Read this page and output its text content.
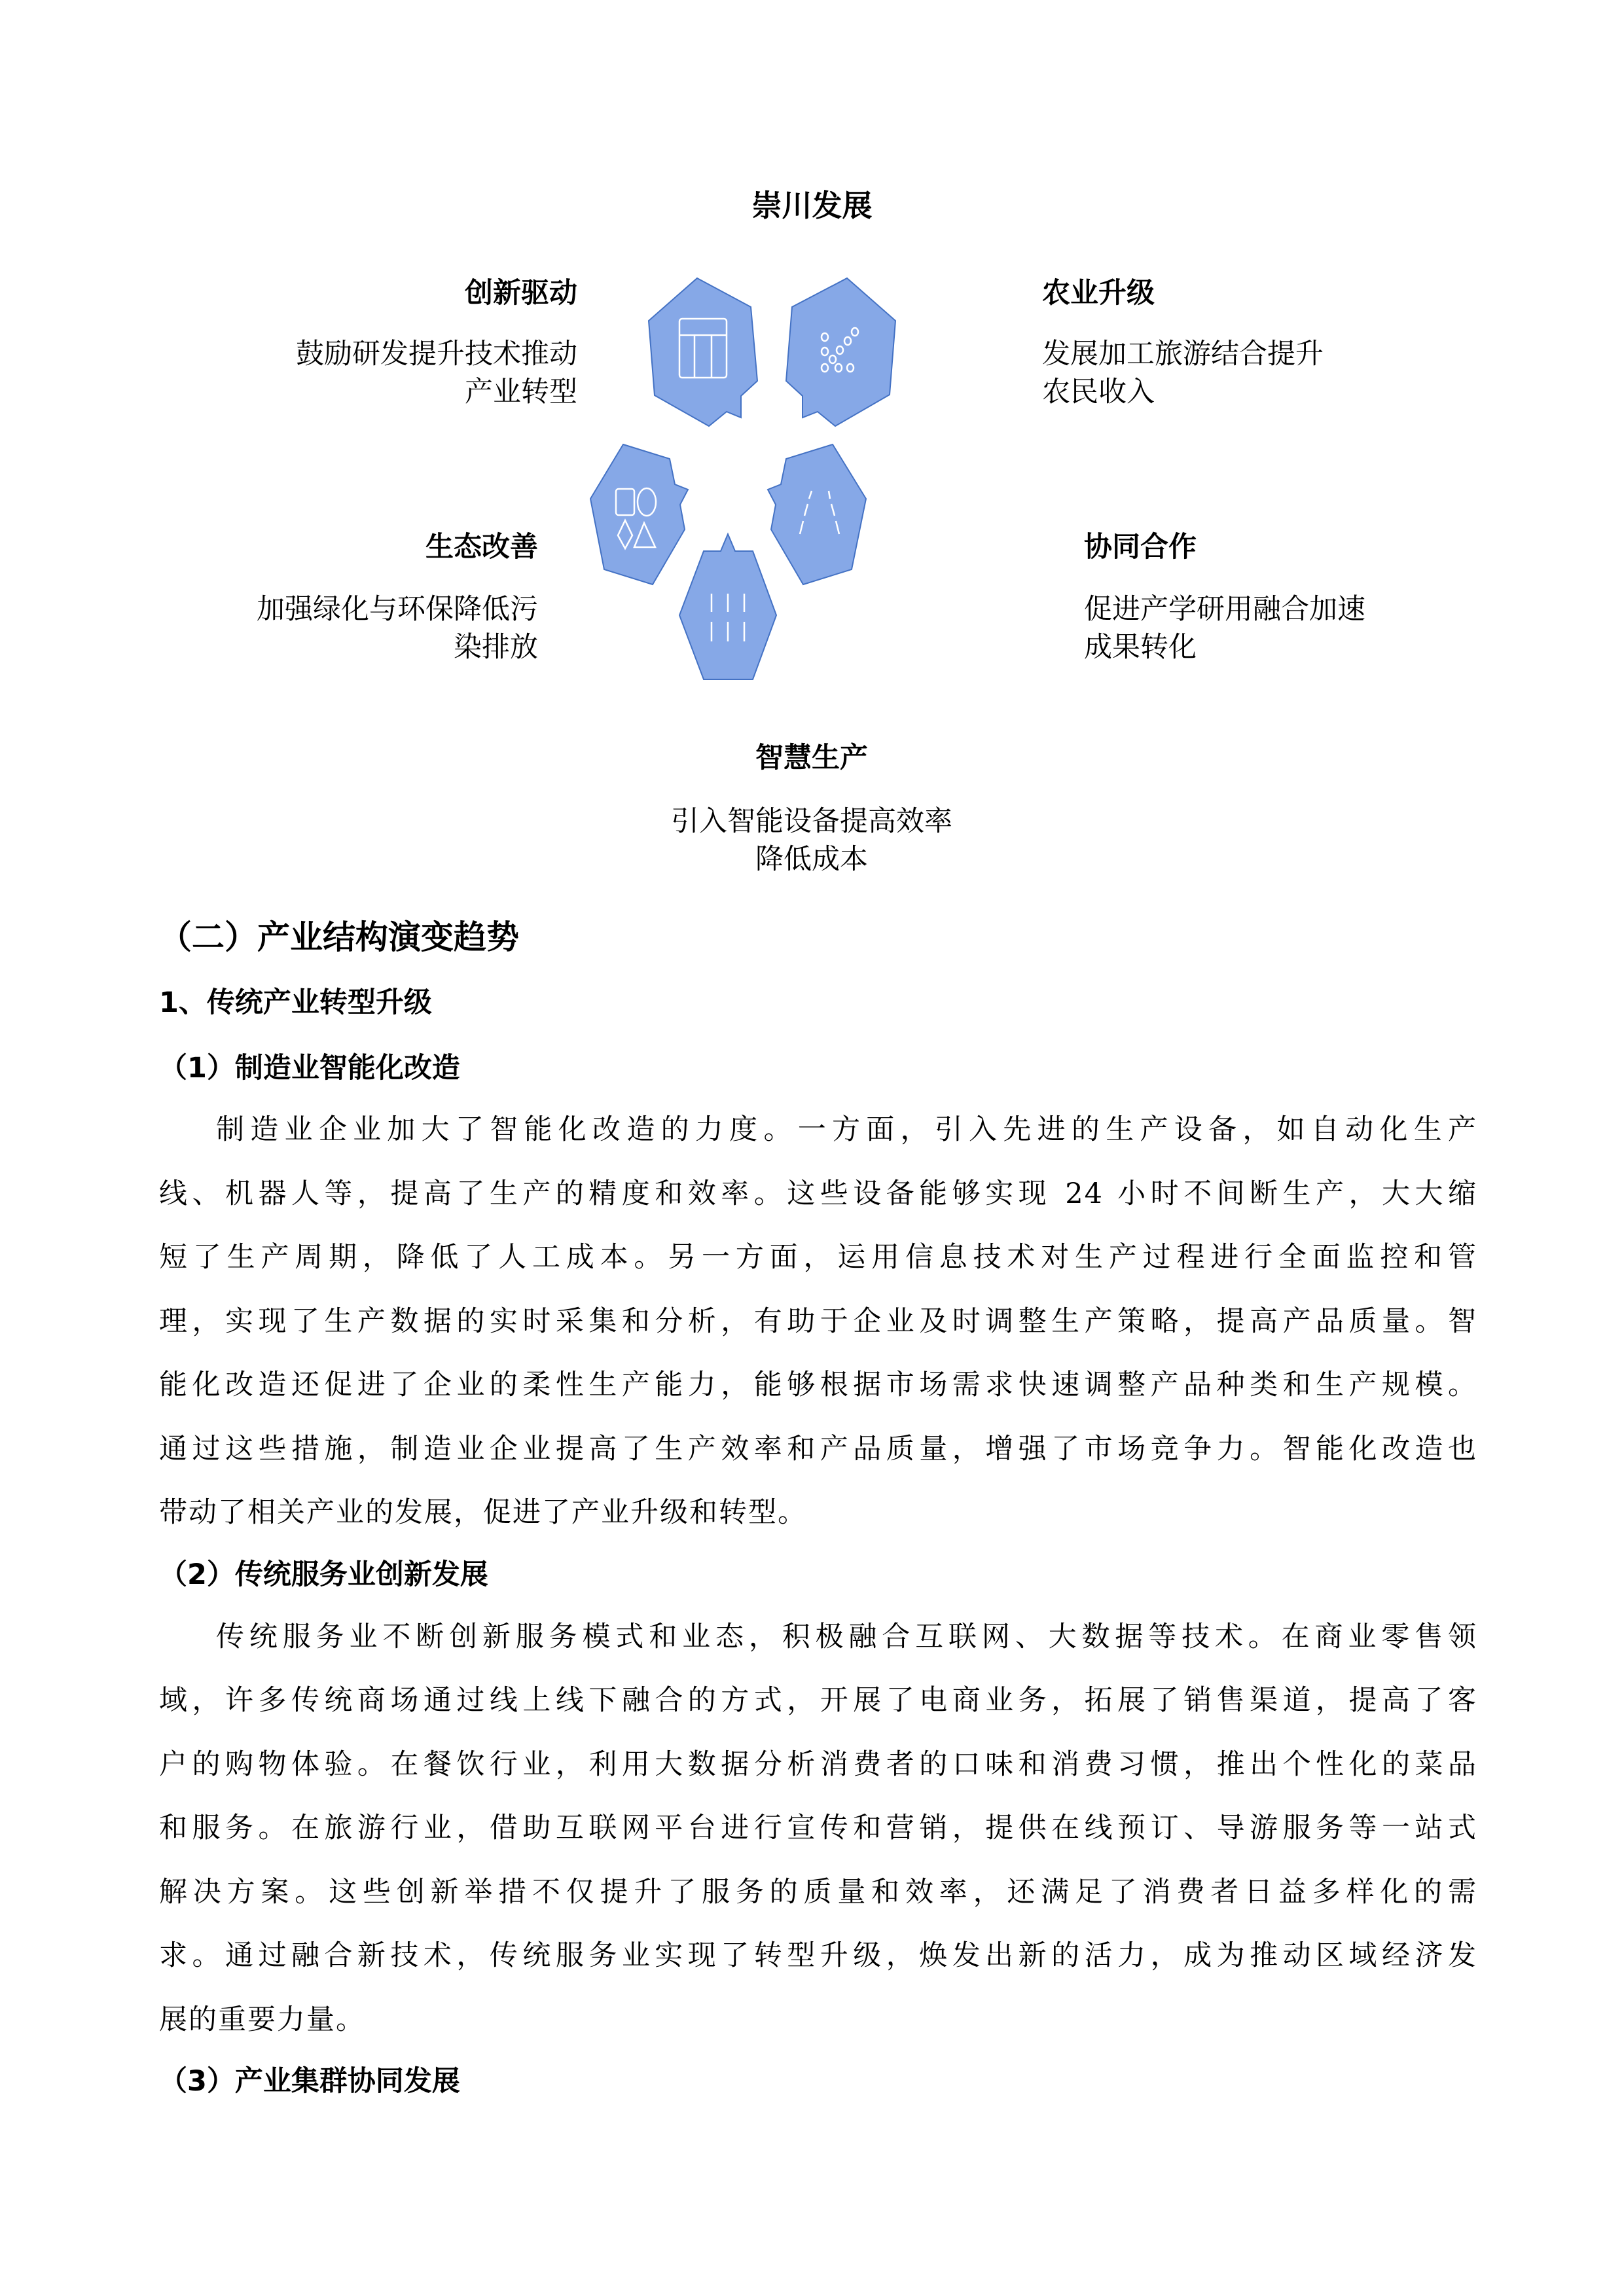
崇川发展
创新驱动
鼓励研发提升技术推动
产业转型
农业升级
发展加工旅游结合提升
农民收入
生态改善
加强绿化与环保降低污
染排放
协同合作
促进产学研用融合加速
成果转化
智慧生产
引入智能设备提高效率
降低成本
（二）产业结构演变趋势
1、传统产业转型升级
（1）制造业智能化改造
制造业企业加大了智能化改造的力度。一方面，引入先进的生产设备，如自动化生产
线、机器人等，提高了生产的精度和效率。这些设备能够实现 24 小时不间断生产，大大缩
短了生产周期，降低了人工成本。另一方面，运用信息技术对生产过程进行全面监控和管
理，实现了生产数据的实时采集和分析，有助于企业及时调整生产策略，提高产品质量。智
能化改造还促进了企业的柔性生产能力，能够根据市场需求快速调整产品种类和生产规模。
通过这些措施，制造业企业提高了生产效率和产品质量，增强了市场竞争力。智能化改造也
带动了相关产业的发展，促进了产业升级和转型。
（2）传统服务业创新发展
传统服务业不断创新服务模式和业态，积极融合互联网、大数据等技术。在商业零售领
域，许多传统商场通过线上线下融合的方式，开展了电商业务，拓展了销售渠道，提高了客
户的购物体验。在餐饮行业，利用大数据分析消费者的口味和消费习惯，推出个性化的菜品
和服务。在旅游行业，借助互联网平台进行宣传和营销，提供在线预订、导游服务等一站式
解决方案。这些创新举措不仅提升了服务的质量和效率，还满足了消费者日益多样化的需
求。通过融合新技术，传统服务业实现了转型升级，焕发出新的活力，成为推动区域经济发
展的重要力量。
（3）产业集群协同发展
